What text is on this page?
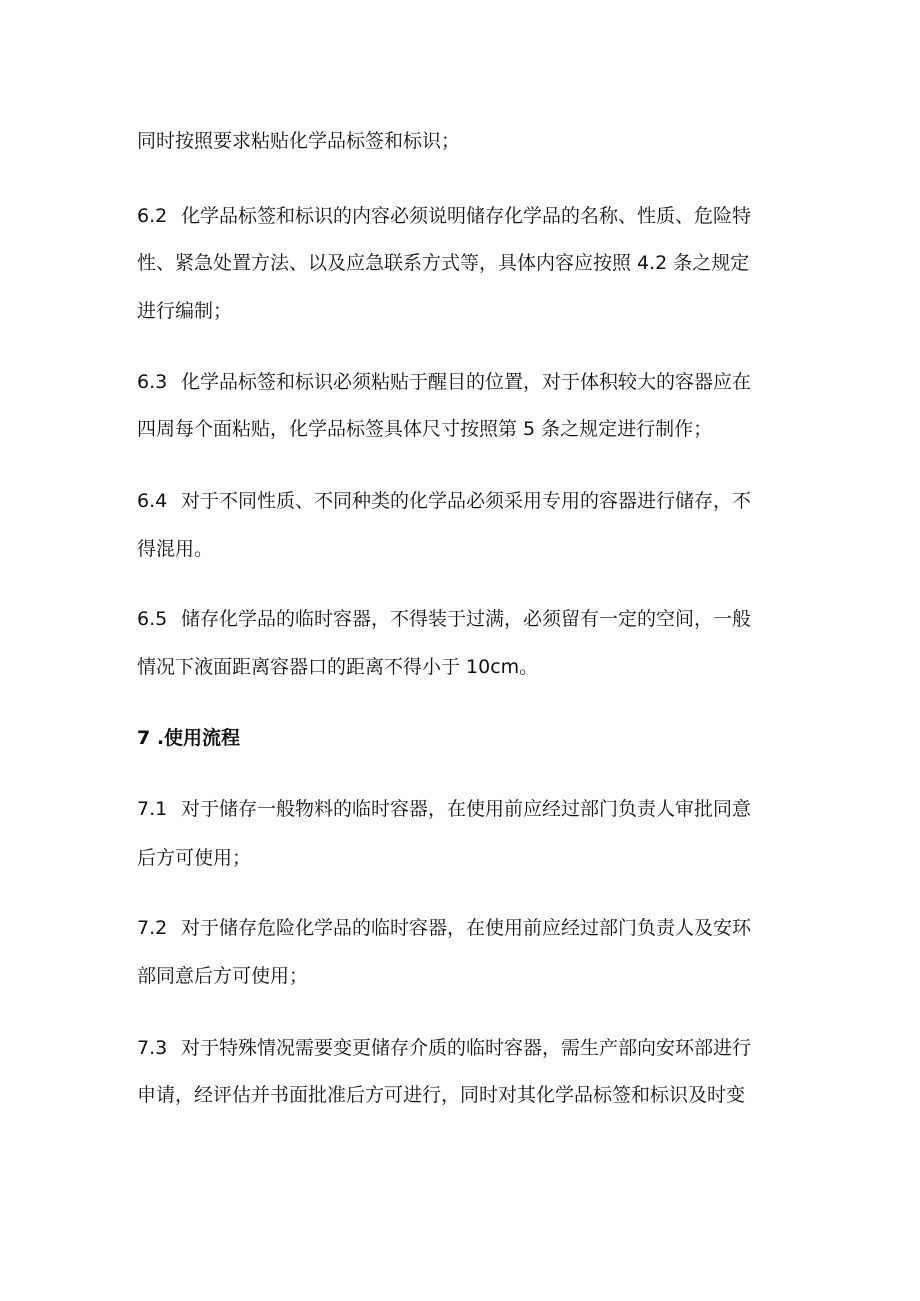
同时按照要求粘贴化学品标签和标识；

6.2 化学品标签和标识的内容必须说明储存化学品的名称、性质、危险特

性、紧急处置方法、以及应急联系方式等，具体内容应按照 4.2 条之规定

进行编制；

6.3 化学品标签和标识必须粘贴于醒目的位置，对于体积较大的容器应在

四周每个面粘贴，化学品标签具体尺寸按照第 5 条之规定进行制作；

6.4 对于不同性质、不同种类的化学品必须采用专用的容器进行储存，不

得混用。

6.5 储存化学品的临时容器，不得装于过满，必须留有一定的空间，一般

情况下液面距离容器口的距离不得小于 10cm。

7 .使用流程

7.1 对于储存一般物料的临时容器，在使用前应经过部门负责人审批同意

后方可使用；

7.2 对于储存危险化学品的临时容器，在使用前应经过部门负责人及安环

部同意后方可使用；

7.3 对于特殊情况需要变更储存介质的临时容器，需生产部向安环部进行

申请，经评估并书面批准后方可进行，同时对其化学品标签和标识及时变
